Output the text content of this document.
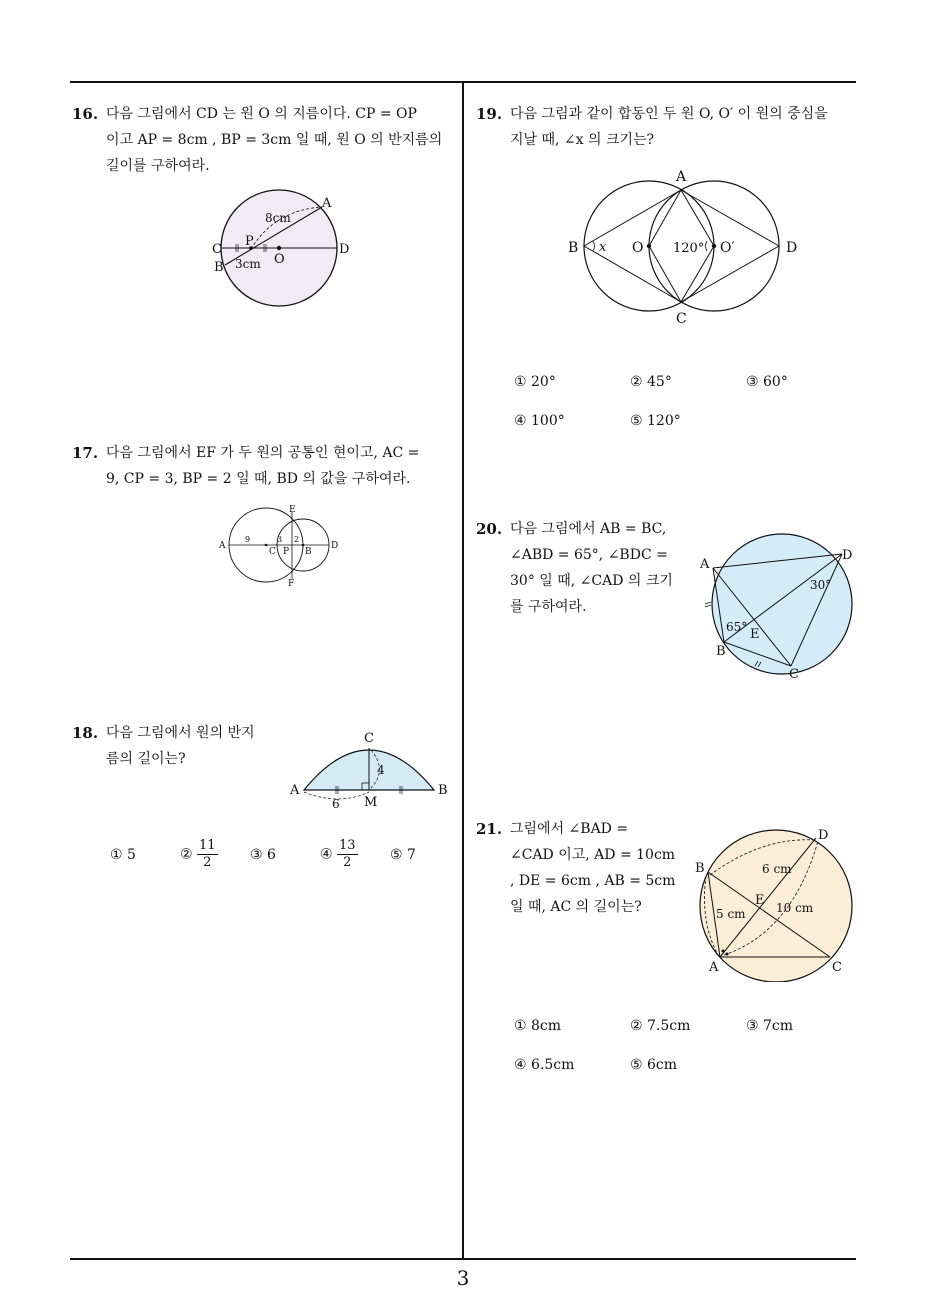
16. 다음 그림에서 CD 는 원 O 의 지름이다. CP = OP
이고 AP = 8cm , BP = 3cm 일 때, 원 O 의 반지름의
길이를 구하여라.
A
B
C	D
O
P
8cm
3cm
17. 다음 그림에서 EF 가 두 원의 공통인 현이고, AC =
9, CP = 3, BP = 2 일 때, BD 의 값을 구하여라.
A
C P B
D
E
F
9	3 2
18. 다음 그림에서 원의 반지
름의 길이는?
A	B
C
M
4
6
① 5	② $\frac{11}{2}$ ③ 6	④ $\frac{13}{2}$ ⑤ 7
19. 다음 그림과 같이 합동인 두 원 O, O′ 이 원의 중심을
지날 때, ∠x 의 크기는?
A
C
B	D
O	O′
x	120°
① 20°	② 45°	③ 60°
④ 100°	⑤ 120°
20. 다음 그림에서 AB = BC,
∠ABD = 65°, ∠BDC =
30° 일 때, ∠CAD 의 크기
를 구하여라.
A
B
C
D
E
65°
30°
21. 그림에서 ∠BAD =
∠CAD 이고, AD = 10cm
, DE = 6cm , AB = 5cm
일 때, AC 의 길이는?
A
B
C
D
E
6 cm
5 cm	10 cm
① 8cm	② 7.5cm	③ 7cm
④ 6.5cm	⑤ 6cm
3
